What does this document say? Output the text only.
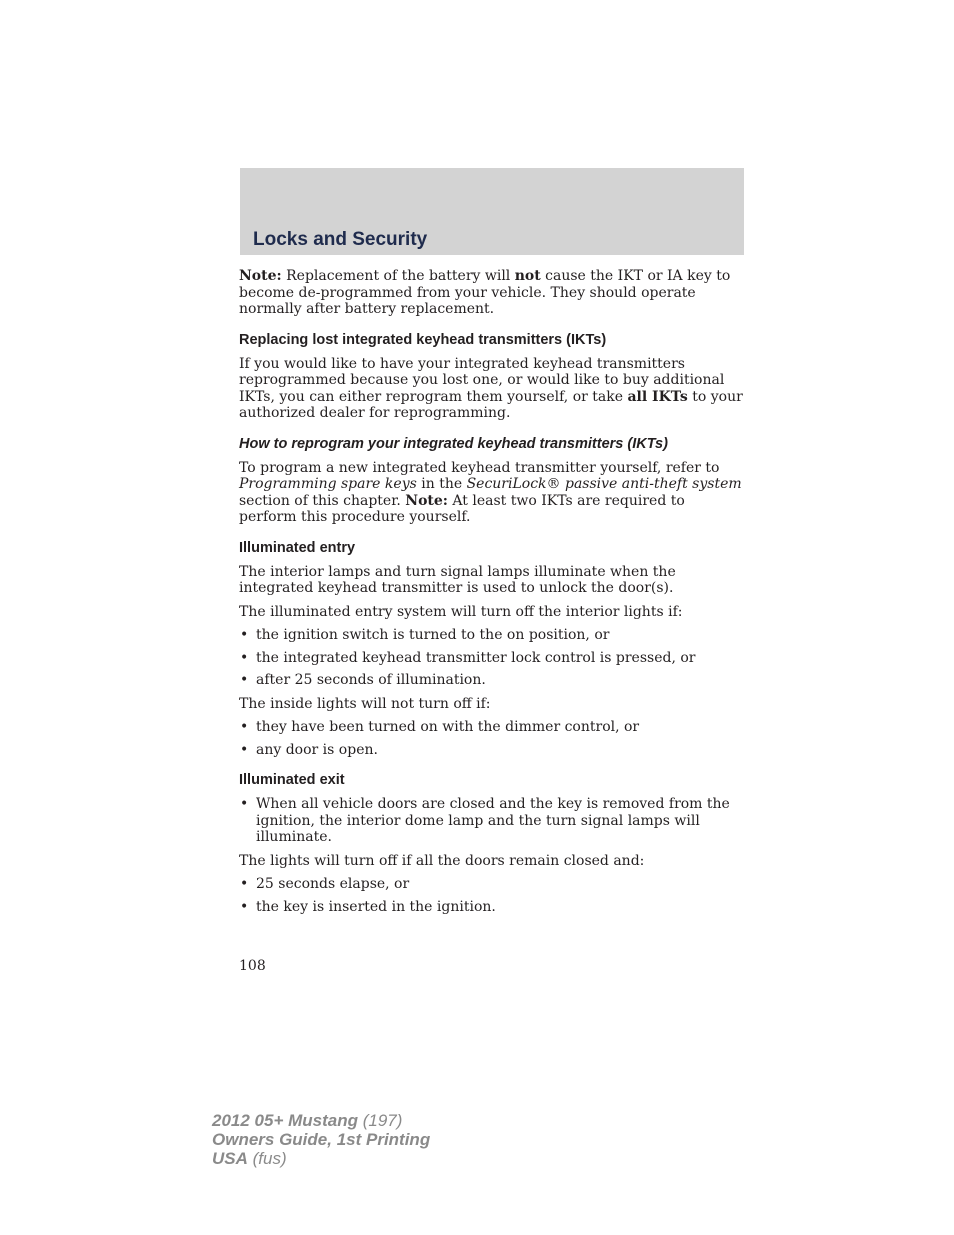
Locks and Security

Note: Replacement of the battery will not cause the IKT or IA key to become de-programmed from your vehicle. They should operate normally after battery replacement.

Replacing lost integrated keyhead transmitters (IKTs)

If you would like to have your integrated keyhead transmitters reprogrammed because you lost one, or would like to buy additional IKTs, you can either reprogram them yourself, or take all IKTs to your authorized dealer for reprogramming.

How to reprogram your integrated keyhead transmitters (IKTs)

To program a new integrated keyhead transmitter yourself, refer to Programming spare keys in the SecuriLock® passive anti-theft system section of this chapter. Note: At least two IKTs are required to perform this procedure yourself.

Illuminated entry

The interior lamps and turn signal lamps illuminate when the integrated keyhead transmitter is used to unlock the door(s).

The illuminated entry system will turn off the interior lights if:

• the ignition switch is turned to the on position, or
• the integrated keyhead transmitter lock control is pressed, or
• after 25 seconds of illumination.

The inside lights will not turn off if:

• they have been turned on with the dimmer control, or
• any door is open.
Illuminated exit
• When all vehicle doors are closed and the key is removed from the ignition, the interior dome lamp and the turn signal lamps will illuminate.

The lights will turn off if all the doors remain closed and:

• 25 seconds elapse, or
• the key is inserted in the ignition.
108
2012 05+ Mustang (197)
Owners Guide, 1st Printing
USA (fus)
